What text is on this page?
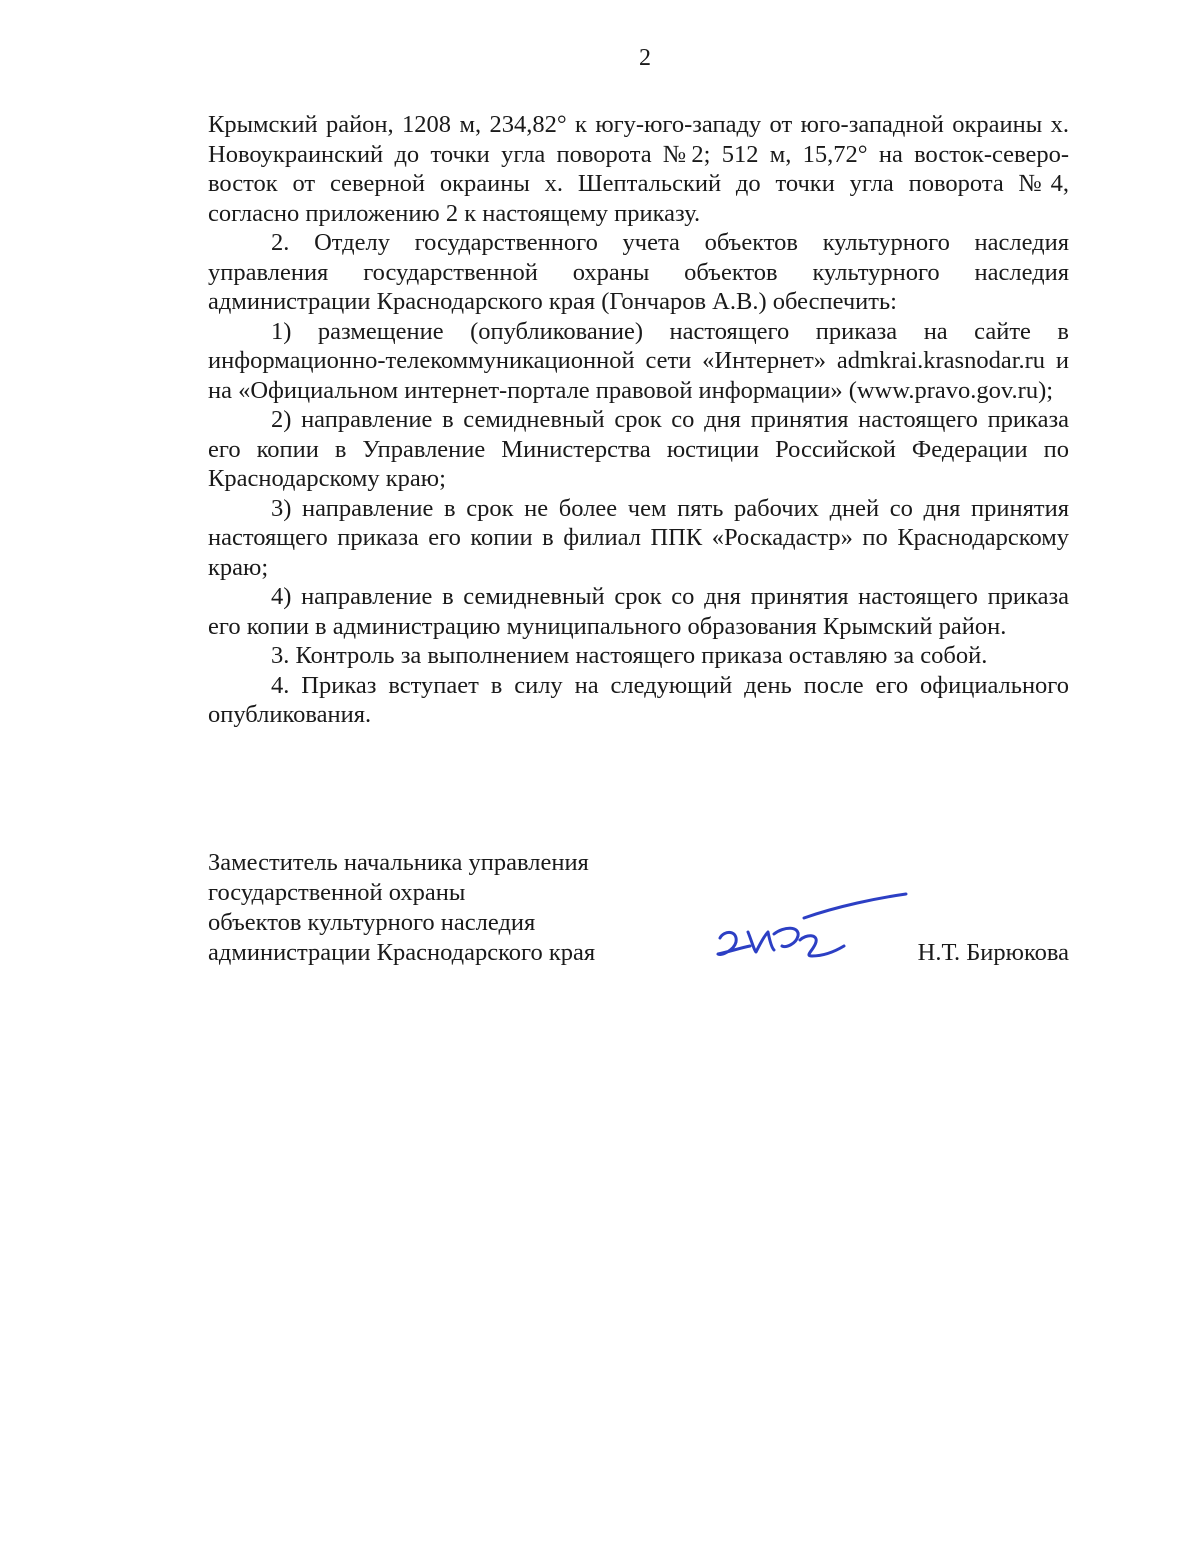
2

Крымский район, 1208 м, 234,82° к югу-юго-западу от юго-западной окраины х. Новоукраинский до точки угла поворота №2; 512 м, 15,72° на восток-северо-восток от северной окраины х. Шептальский до точки угла поворота №4, согласно приложению 2 к настоящему приказу.

2. Отделу государственного учета объектов культурного наследия управления государственной охраны объектов культурного наследия администрации Краснодарского края (Гончаров А.В.) обеспечить:

1) размещение (опубликование) настоящего приказа на сайте в информационно-телекоммуникационной сети «Интернет» admkrai.krasnodar.ru и на «Официальном интернет-портале правовой информации» (www.pravo.gov.ru);

2) направление в семидневный срок со дня принятия настоящего приказа его копии в Управление Министерства юстиции Российской Федерации по Краснодарскому краю;

3) направление в срок не более чем пять рабочих дней со дня принятия настоящего приказа его копии в филиал ППК «Роскадастр» по Краснодарскому краю;

4) направление в семидневный срок со дня принятия настоящего приказа его копии в администрацию муниципального образования Крымский район.

3. Контроль за выполнением настоящего приказа оставляю за собой.

4. Приказ вступает в силу на следующий день после его официального опубликования.

Заместитель начальника управления
государственной охраны
объектов культурного наследия
администрации Краснодарского края	Н.Т. Бирюкова
